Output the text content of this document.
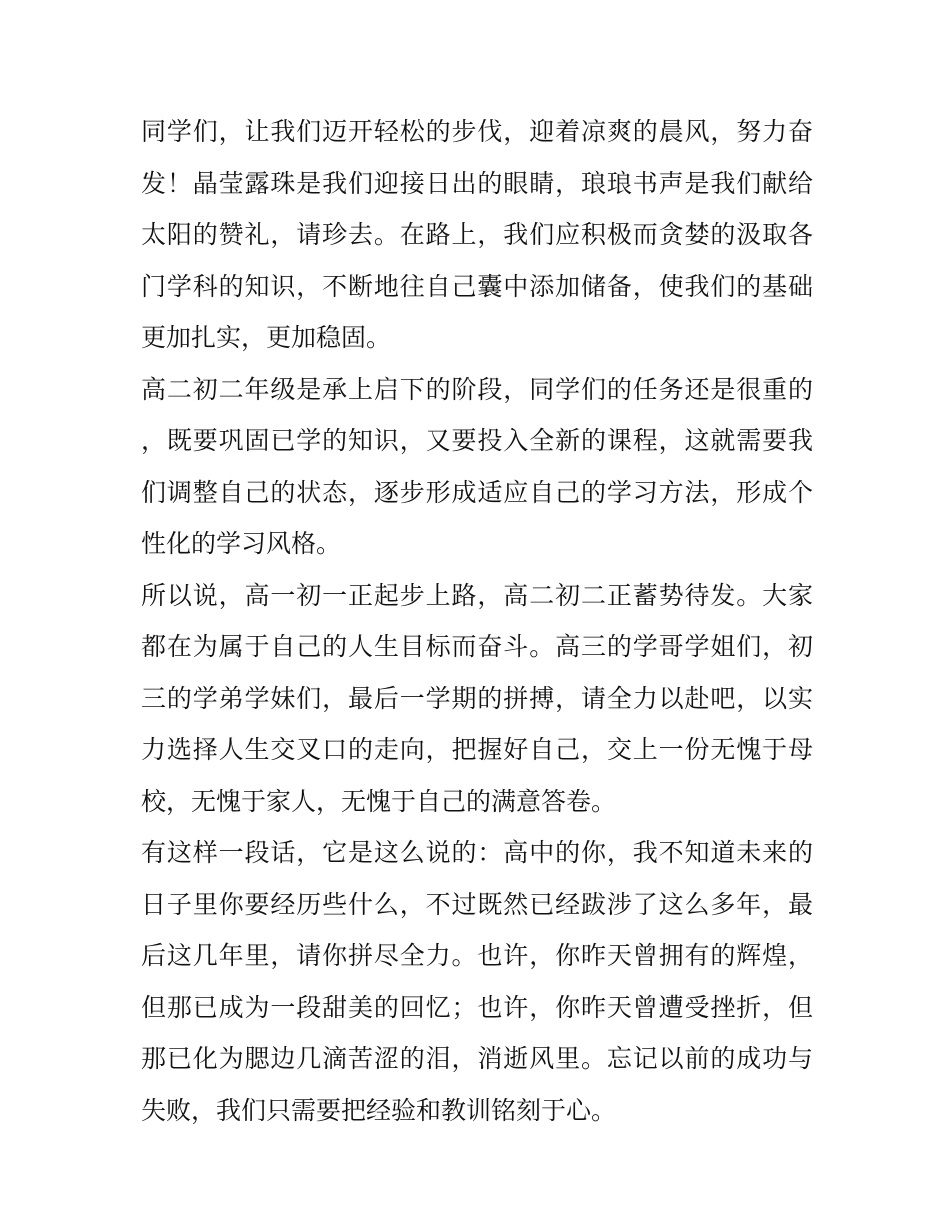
同学们，让我们迈开轻松的步伐，迎着凉爽的晨风，努力奋发！晶莹露珠是我们迎接日出的眼睛，琅琅书声是我们献给太阳的赞礼，请珍去。在路上，我们应积极而贪婪的汲取各门学科的知识，不断地往自己囊中添加储备，使我们的基础更加扎实，更加稳固。

高二初二年级是承上启下的阶段，同学们的任务还是很重的，既要巩固已学的知识，又要投入全新的课程，这就需要我们调整自己的状态，逐步形成适应自己的学习方法，形成个性化的学习风格。

所以说，高一初一正起步上路，高二初二正蓄势待发。大家都在为属于自己的人生目标而奋斗。高三的学哥学姐们，初三的学弟学妹们，最后一学期的拼搏，请全力以赴吧，以实力选择人生交叉口的走向，把握好自己，交上一份无愧于母校，无愧于家人，无愧于自己的满意答卷。

有这样一段话，它是这么说的：高中的你，我不知道未来的日子里你要经历些什么，不过既然已经跋涉了这么多年，最后这几年里，请你拼尽全力。也许，你昨天曾拥有的辉煌，但那已成为一段甜美的回忆；也许，你昨天曾遭受挫折，但那已化为腮边几滴苦涩的泪，消逝风里。忘记以前的成功与失败，我们只需要把经验和教训铭刻于心。
